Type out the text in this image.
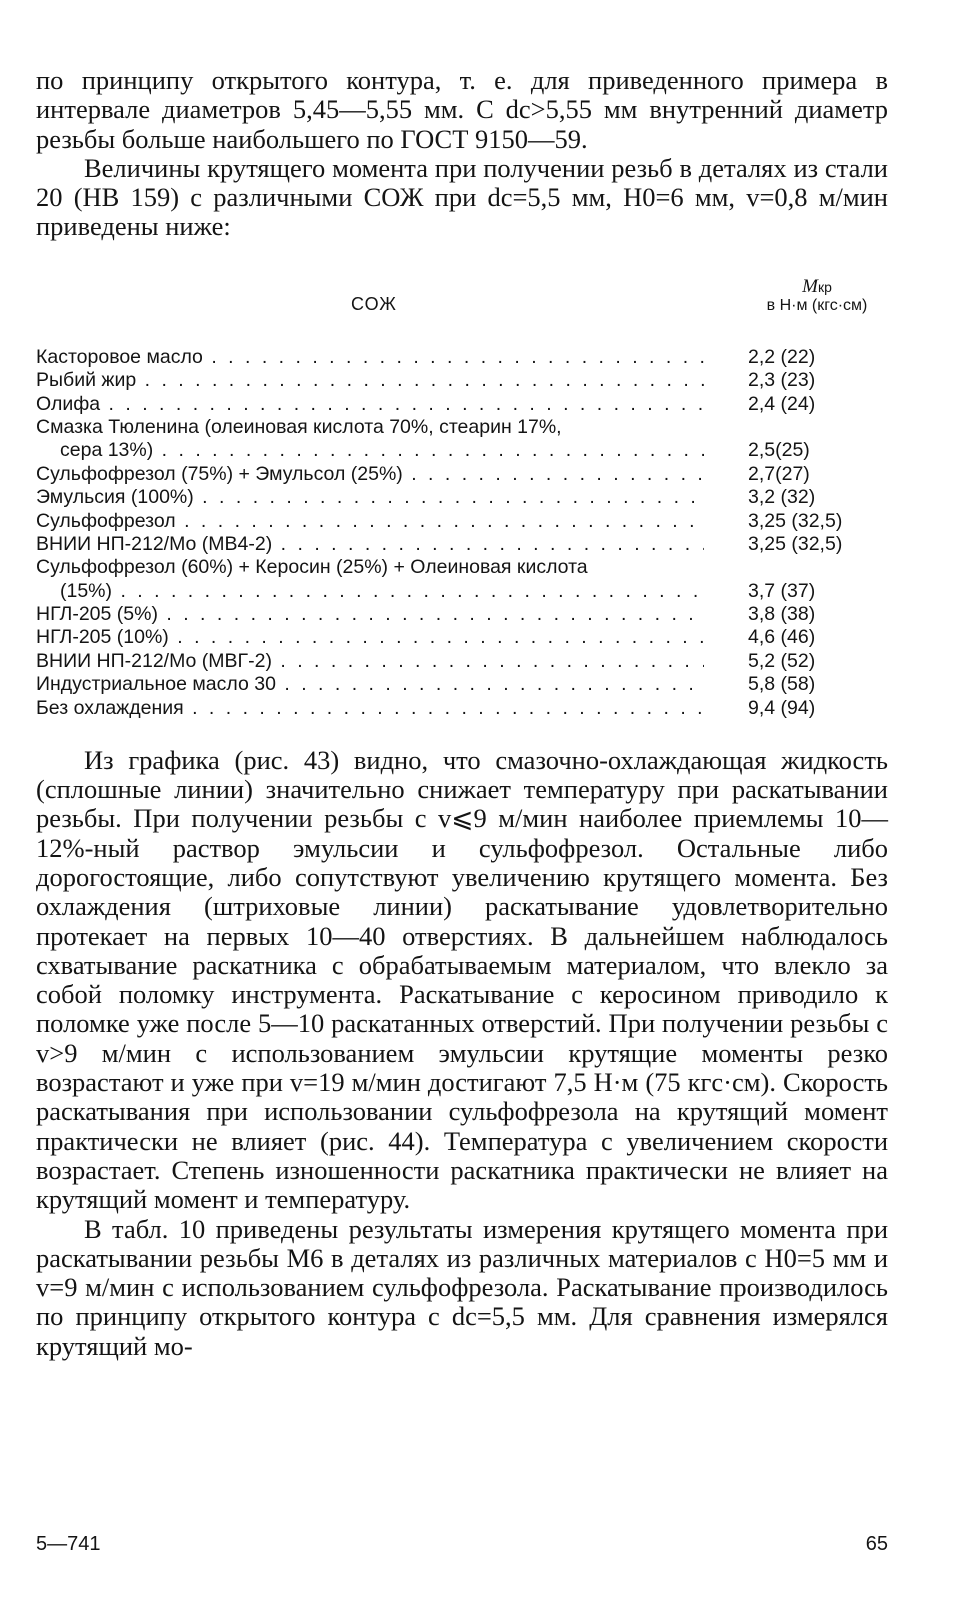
по принципу открытого контура, т. е. для приведенного примера в интервале диаметров 5,45—5,55 мм. С dc>5,55 мм внутренний диаметр резьбы больше наибольшего по ГОСТ 9150—59.

Величины крутящего момента при получении резьб в деталях из стали 20 (HB 159) с различными СОЖ при dc=5,5 мм, H0=6 мм, v=0,8 м/мин приведены ниже:

СОЖ
Mкр
в Н·м (кгс·см)
Касторовое масло . . .	2,2 (22)
Рыбий жир . . .	2,3 (23)
Олифа . . .	2,4 (24)
Смазка Тюленина (олеиновая кислота 70%, стеарин 17%,
сера 13%) . . .	2,5(25)
Сульфофрезол (75%) + Эмульсол (25%) . . .	2,7(27)
Эмульсия (100%) . . .	3,2 (32)
Сульфофрезол . . .	3,25 (32,5)
ВНИИ НП-212/Мо (МВ4-2) . . .	3,25 (32,5)
Сульфофрезол (60%) + Керосин (25%) + Олеиновая кислота
(15%) . . .	3,7 (37)
НГЛ-205 (5%) . . .	3,8 (38)
НГЛ-205 (10%) . . .	4,6 (46)
ВНИИ НП-212/Мо (МВГ-2) . . .	5,2 (52)
Индустриальное масло 30 . . .	5,8 (58)
Без охлаждения . . .	9,4 (94)

Из графика (рис. 43) видно, что смазочно-охлаждающая жидкость (сплошные линии) значительно снижает температуру при раскатывании резьбы. При получении резьбы с v⩽9 м/мин наиболее приемлемы 10—12%-ный раствор эмульсии и сульфофрезол. Остальные либо дорогостоящие, либо сопутствуют увеличению крутящего момента. Без охлаждения (штриховые линии) раскатывание удовлетворительно протекает на первых 10—40 отверстиях. В дальнейшем наблюдалось схватывание раскатника с обрабатываемым материалом, что влекло за собой поломку инструмента. Раскатывание с керосином приводило к поломке уже после 5—10 раскатанных отверстий. При получении резьбы с v>9 м/мин с использованием эмульсии крутящие моменты резко возрастают и уже при v=19 м/мин достигают 7,5 Н·м (75 кгс·см). Скорость раскатывания при использовании сульфофрезола на крутящий момент практически не влияет (рис. 44). Температура с увеличением скорости возрастает. Степень изношенности раскатника практически не влияет на крутящий момент и температуру.

В табл. 10 приведены результаты измерения крутящего момента при раскатывании резьбы М6 в деталях из различных материалов с H0=5 мм и v=9 м/мин с использованием сульфофрезола. Раскатывание производилось по принципу открытого контура с dc=5,5 мм. Для сравнения измерялся крутящий мо-

5—741	65
